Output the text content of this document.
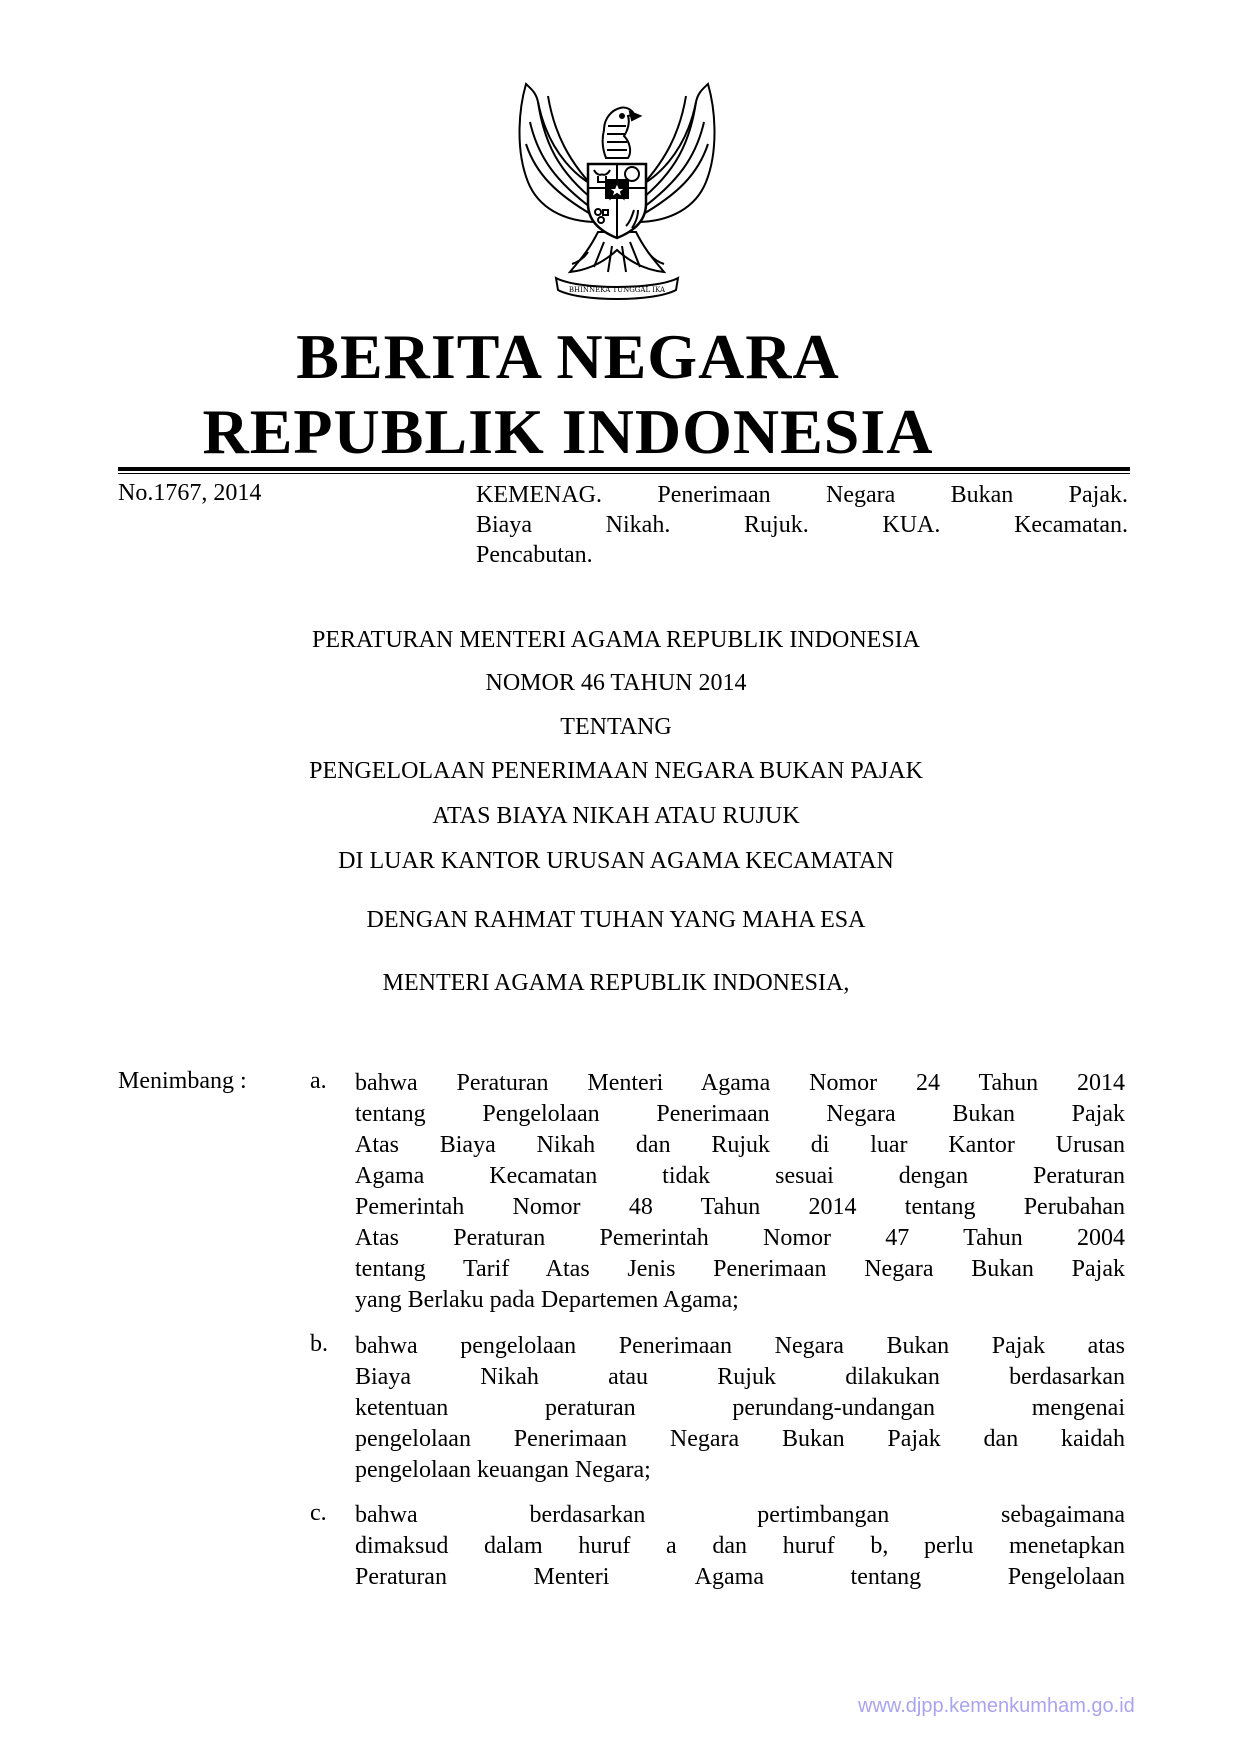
BHINNEKA TUNGGAL IKA
BERITA NEGARA
REPUBLIK INDONESIA
No.1767, 2014	KEMENAG. Penerimaan Negara Bukan Pajak.
Biaya Nikah. Rujuk. KUA. Kecamatan.
Pencabutan.
PERATURAN MENTERI AGAMA REPUBLIK INDONESIA
NOMOR 46 TAHUN 2014
TENTANG
PENGELOLAAN PENERIMAAN NEGARA BUKAN PAJAK
ATAS BIAYA NIKAH ATAU RUJUK
DI LUAR KANTOR URUSAN AGAMA KECAMATAN
DENGAN RAHMAT TUHAN YANG MAHA ESA
MENTERI AGAMA REPUBLIK INDONESIA,
Menimbang :	a. bahwa Peraturan Menteri Agama Nomor 24 Tahun 2014
tentang Pengelolaan Penerimaan Negara Bukan Pajak
Atas Biaya Nikah dan Rujuk di luar Kantor Urusan
Agama Kecamatan tidak sesuai dengan Peraturan
Pemerintah Nomor 48 Tahun 2014 tentang Perubahan
Atas Peraturan Pemerintah Nomor 47 Tahun 2004
tentang Tarif Atas Jenis Penerimaan Negara Bukan Pajak
yang Berlaku pada Departemen Agama;
b. bahwa pengelolaan Penerimaan Negara Bukan Pajak atas
Biaya Nikah atau Rujuk dilakukan berdasarkan
ketentuan peraturan perundang-undangan mengenai
pengelolaan Penerimaan Negara Bukan Pajak dan kaidah
pengelolaan keuangan Negara;
c. bahwa berdasarkan pertimbangan sebagaimana
dimaksud dalam huruf a dan huruf b, perlu menetapkan
Peraturan Menteri Agama tentang Pengelolaan
www.djpp.kemenkumham.go.id
